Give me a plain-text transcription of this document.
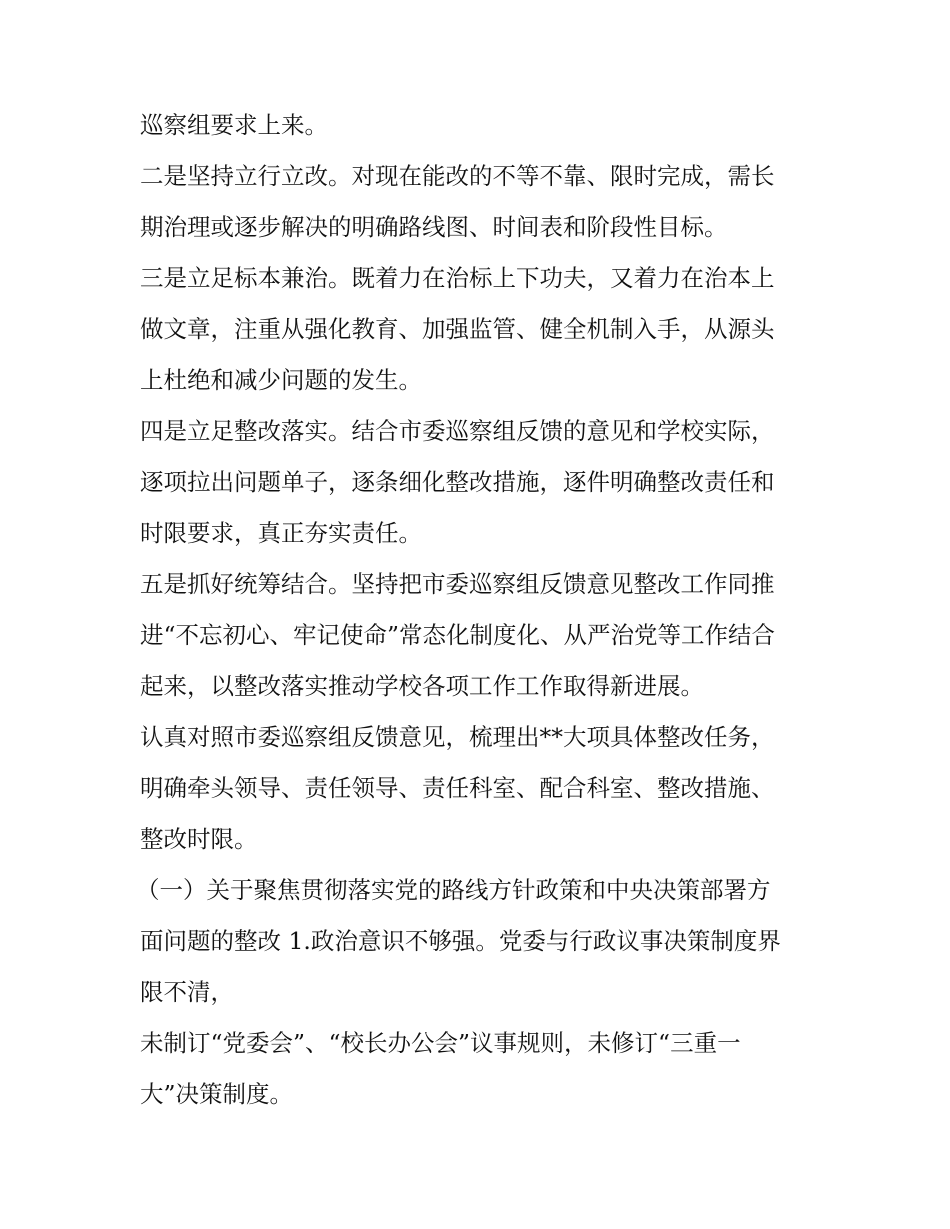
巡察组要求上来。
二是坚持立行立改。对现在能改的不等不靠、限时完成，需长
期治理或逐步解决的明确路线图、时间表和阶段性目标。
三是立足标本兼治。既着力在治标上下功夫，又着力在治本上
做文章，注重从强化教育、加强监管、健全机制入手，从源头
上杜绝和减少问题的发生。
四是立足整改落实。结合市委巡察组反馈的意见和学校实际，
逐项拉出问题单子，逐条细化整改措施，逐件明确整改责任和
时限要求，真正夯实责任。
五是抓好统筹结合。坚持把市委巡察组反馈意见整改工作同推
进“不忘初心、牢记使命”常态化制度化、从严治党等工作结合
起来，以整改落实推动学校各项工作工作取得新进展。
认真对照市委巡察组反馈意见，梳理出**大项具体整改任务，
明确牵头领导、责任领导、责任科室、配合科室、整改措施、
整改时限。
（一）关于聚焦贯彻落实党的路线方针政策和中央决策部署方
面问题的整改 1.政治意识不够强。党委与行政议事决策制度界
限不清，
未制订“党委会”、“校长办公会”议事规则，未修订“三重一
大”决策制度。
